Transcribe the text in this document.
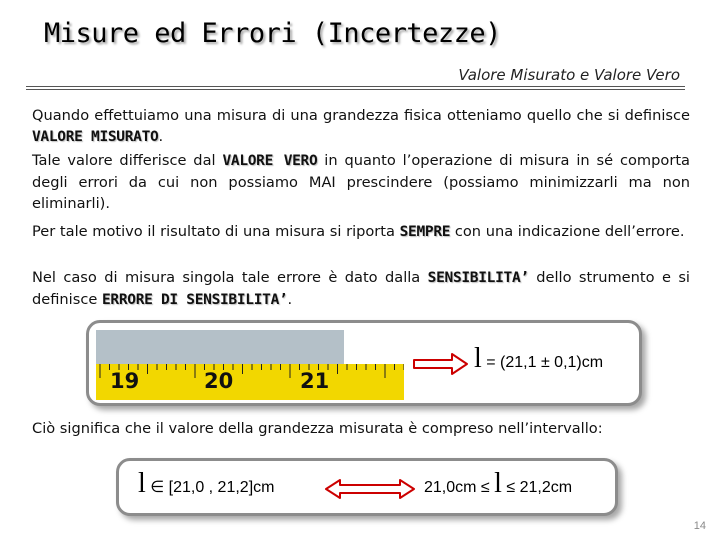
Misure ed Errori (Incertezze)
Valore Misurato e Valore Vero
Quando effettuiamo una misura di una grandezza fisica otteniamo quello che si definisce VALORE MISURATO.
Tale valore differisce dal VALORE VERO in quanto l’operazione di misura in sé comporta degli errori da cui non possiamo MAI prescindere (possiamo minimizzarli ma non eliminarli).
Per tale motivo il risultato di una misura si riporta SEMPRE con una indicazione dell’errore.
Nel caso di misura singola tale errore è dato dalla SENSIBILITA’ dello strumento e si definisce ERRORE DI SENSIBILITA’.
19	20	21
l = (21,1 ± 0,1)cm
Ciò significa che il valore della grandezza misurata è compreso nell’intervallo:
l ∈ [21,0 , 21,2]cm	21,0cm ≤ l ≤ 21,2cm
14
